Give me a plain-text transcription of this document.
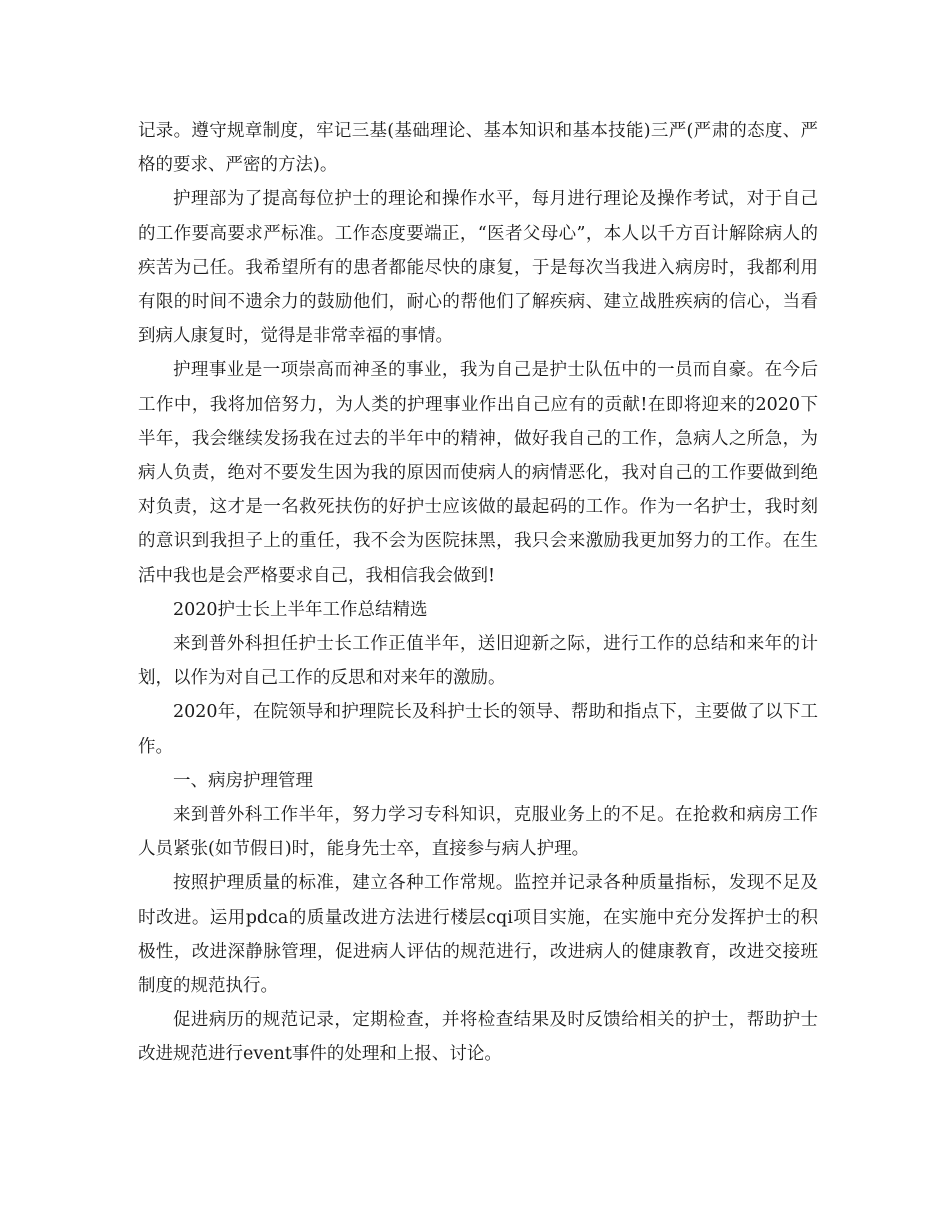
记录。遵守规章制度，牢记三基(基础理论、基本知识和基本技能)三严(严肃的态度、严格的要求、严密的方法)。

护理部为了提高每位护士的理论和操作水平，每月进行理论及操作考试，对于自己的工作要高要求严标准。工作态度要端正，“医者父母心”，本人以千方百计解除病人的疾苦为己任。我希望所有的患者都能尽快的康复，于是每次当我进入病房时，我都利用有限的时间不遗余力的鼓励他们，耐心的帮他们了解疾病、建立战胜疾病的信心，当看到病人康复时，觉得是非常幸福的事情。

护理事业是一项崇高而神圣的事业，我为自己是护士队伍中的一员而自豪。在今后工作中，我将加倍努力，为人类的护理事业作出自己应有的贡献!在即将迎来的2020下半年，我会继续发扬我在过去的半年中的精神，做好我自己的工作，急病人之所急，为病人负责，绝对不要发生因为我的原因而使病人的病情恶化，我对自己的工作要做到绝对负责，这才是一名救死扶伤的好护士应该做的最起码的工作。作为一名护士，我时刻的意识到我担子上的重任，我不会为医院抹黑，我只会来激励我更加努力的工作。在生活中我也是会严格要求自己，我相信我会做到!

2020护士长上半年工作总结精选

来到普外科担任护士长工作正值半年，送旧迎新之际，进行工作的总结和来年的计划，以作为对自己工作的反思和对来年的激励。

2020年，在院领导和护理院长及科护士长的领导、帮助和指点下，主要做了以下工作。

一、病房护理管理

来到普外科工作半年，努力学习专科知识，克服业务上的不足。在抢救和病房工作人员紧张(如节假日)时，能身先士卒，直接参与病人护理。

按照护理质量的标准，建立各种工作常规。监控并记录各种质量指标，发现不足及时改进。运用pdca的质量改进方法进行楼层cqi项目实施，在实施中充分发挥护士的积极性，改进深静脉管理，促进病人评估的规范进行，改进病人的健康教育，改进交接班制度的规范执行。

促进病历的规范记录，定期检查，并将检查结果及时反馈给相关的护士，帮助护士改进规范进行event事件的处理和上报、讨论。
